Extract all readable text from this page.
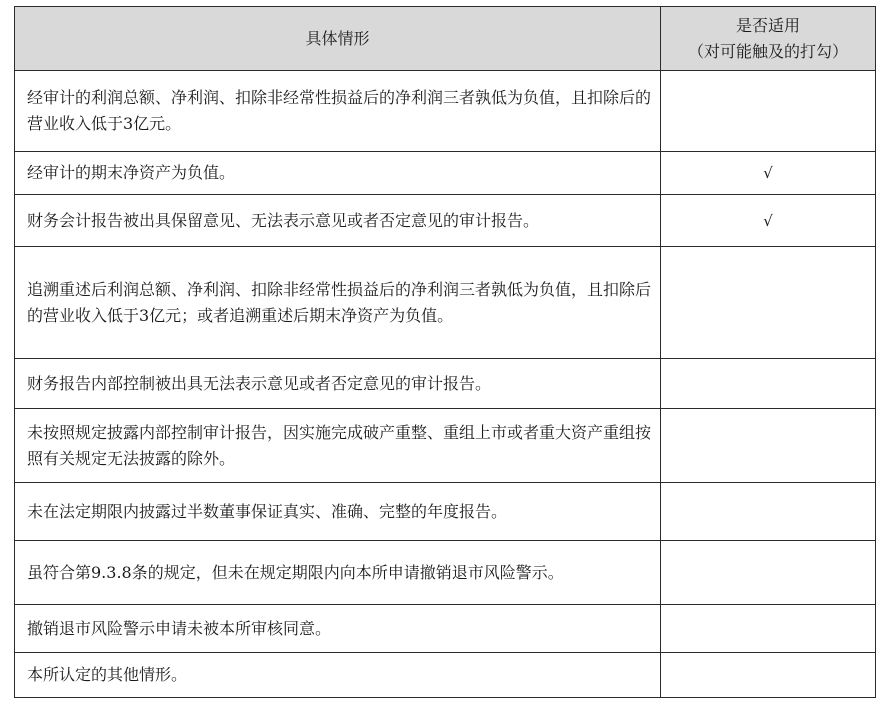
具体情形	是否适用
（对可能触及的打勾）

经审计的利润总额、净利润、扣除非经常性损益后的净利润三者孰低为负值，且扣除后的营业收入低于3亿元。	
经审计的期末净资产为负值。	√
财务会计报告被出具保留意见、无法表示意见或者否定意见的审计报告。	√
追溯重述后利润总额、净利润、扣除非经常性损益后的净利润三者孰低为负值，且扣除后的营业收入低于3亿元；或者追溯重述后期末净资产为负值。	
财务报告内部控制被出具无法表示意见或者否定意见的审计报告。	
未按照规定披露内部控制审计报告，因实施完成破产重整、重组上市或者重大资产重组按照有关规定无法披露的除外。	
未在法定期限内披露过半数董事保证真实、准确、完整的年度报告。	
虽符合第9.3.8条的规定，但未在规定期限内向本所申请撤销退市风险警示。	
撤销退市风险警示申请未被本所审核同意。	
本所认定的其他情形。	
